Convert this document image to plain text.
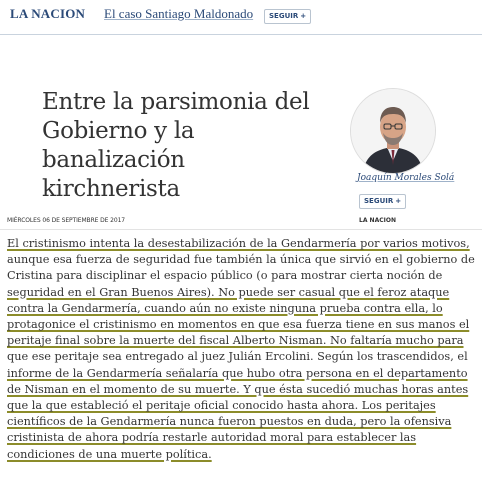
LA NACION El caso Santiago Maldonado	SEGUIR +
Entre la parsimonia del
Gobierno y la
banalización
kirchnerista	Joaquín Morales Solá
SEGUIR +
MIÉRCOLES 06 DE SEPTIEMBRE DE 2017	LA NACION
El cristinismo intenta la desestabilización de la Gendarmería por varios motivos,
aunque esa fuerza de seguridad fue también la única que sirvió en el gobierno de
Cristina para disciplinar el espacio público (o para mostrar cierta noción de
seguridad en el Gran Buenos Aires). No puede ser casual que el feroz ataque
contra la Gendarmería, cuando aún no existe ninguna prueba contra ella, lo
protagonice el cristinismo en momentos en que esa fuerza tiene en sus manos el
peritaje final sobre la muerte del fiscal Alberto Nisman. No faltaría mucho para
que ese peritaje sea entregado al juez Julián Ercolini. Según los trascendidos, el
informe de la Gendarmería señalaría que hubo otra persona en el departamento
de Nisman en el momento de su muerte. Y que ésta sucedió muchas horas antes
que la que estableció el peritaje oficial conocido hasta ahora. Los peritajes
científicos de la Gendarmería nunca fueron puestos en duda, pero la ofensiva
cristinista de ahora podría restarle autoridad moral para establecer las
condiciones de una muerte política.
